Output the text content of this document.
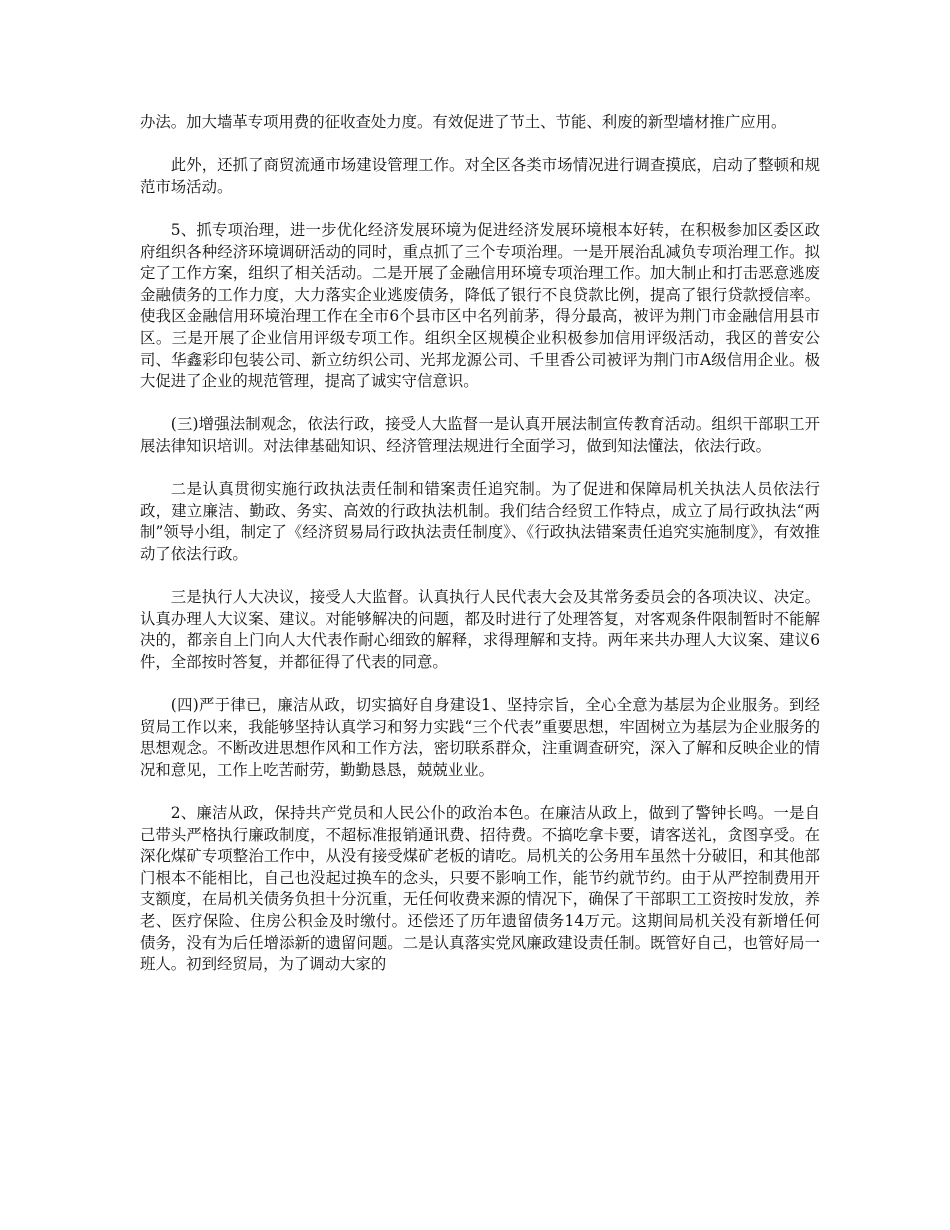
办法。加大墙革专项用费的征收查处力度。有效促进了节土、节能、利废的新型墙材推广应用。

此外，还抓了商贸流通市场建设管理工作。对全区各类市场情况进行调查摸底，启动了整顿和规范市场活动。

5、抓专项治理，进一步优化经济发展环境为促进经济发展环境根本好转，在积极参加区委区政府组织各种经济环境调研活动的同时，重点抓了三个专项治理。一是开展治乱减负专项治理工作。拟定了工作方案，组织了相关活动。二是开展了金融信用环境专项治理工作。加大制止和打击恶意逃废金融债务的工作力度，大力落实企业逃废债务，降低了银行不良贷款比例，提高了银行贷款授信率。使我区金融信用环境治理工作在全市6个县市区中名列前茅，得分最高，被评为荆门市金融信用县市区。三是开展了企业信用评级专项工作。组织全区规模企业积极参加信用评级活动，我区的普安公司、华鑫彩印包装公司、新立纺织公司、光邦龙源公司、千里香公司被评为荆门市A级信用企业。极大促进了企业的规范管理，提高了诚实守信意识。

(三)增强法制观念，依法行政，接受人大监督一是认真开展法制宣传教育活动。组织干部职工开展法律知识培训。对法律基础知识、经济管理法规进行全面学习，做到知法懂法，依法行政。

二是认真贯彻实施行政执法责任制和错案责任追究制。为了促进和保障局机关执法人员依法行政，建立廉洁、勤政、务实、高效的行政执法机制。我们结合经贸工作特点，成立了局行政执法“两制”领导小组，制定了《经济贸易局行政执法责任制度》、《行政执法错案责任追究实施制度》，有效推动了依法行政。

三是执行人大决议，接受人大监督。认真执行人民代表大会及其常务委员会的各项决议、决定。认真办理人大议案、建议。对能够解决的问题，都及时进行了处理答复，对客观条件限制暂时不能解决的，都亲自上门向人大代表作耐心细致的解释，求得理解和支持。两年来共办理人大议案、建议6件，全部按时答复，并都征得了代表的同意。

(四)严于律已，廉洁从政，切实搞好自身建设1、坚持宗旨，全心全意为基层为企业服务。到经贸局工作以来，我能够坚持认真学习和努力实践“三个代表”重要思想，牢固树立为基层为企业服务的思想观念。不断改进思想作风和工作方法，密切联系群众，注重调查研究，深入了解和反映企业的情况和意见，工作上吃苦耐劳，勤勤恳恳，兢兢业业。

2、廉洁从政，保持共产党员和人民公仆的政治本色。在廉洁从政上，做到了警钟长鸣。一是自己带头严格执行廉政制度，不超标准报销通讯费、招待费。不搞吃拿卡要，请客送礼，贪图享受。在深化煤矿专项整治工作中，从没有接受煤矿老板的请吃。局机关的公务用车虽然十分破旧，和其他部门根本不能相比，自己也没起过换车的念头，只要不影响工作，能节约就节约。由于从严控制费用开支额度，在局机关债务负担十分沉重，无任何收费来源的情况下，确保了干部职工工资按时发放，养老、医疗保险、住房公积金及时缴付。还偿还了历年遗留债务14万元。这期间局机关没有新增任何债务，没有为后任增添新的遗留问题。二是认真落实党风廉政建设责任制。既管好自己，也管好局一班人。初到经贸局，为了调动大家的
